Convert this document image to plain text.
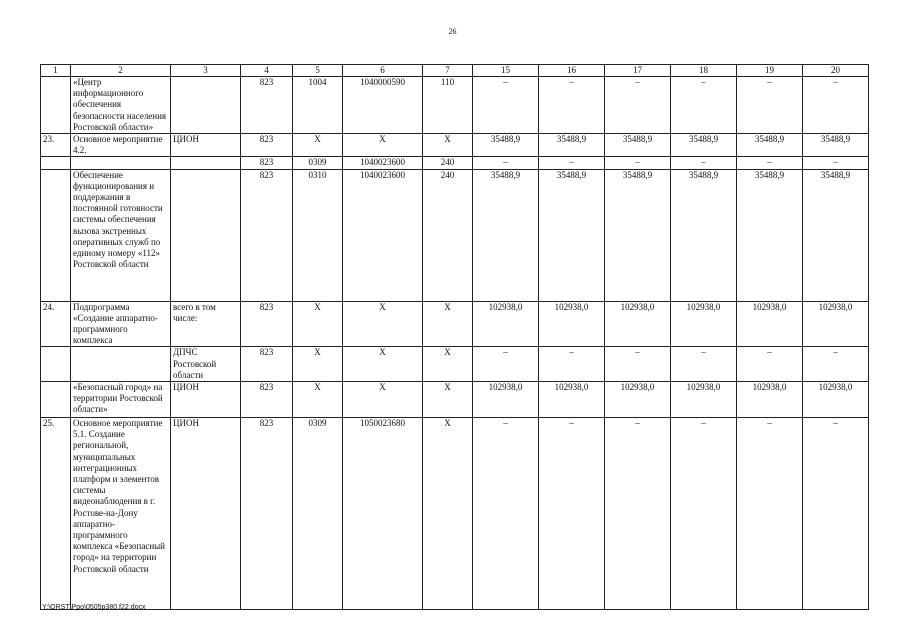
26
1	2	3	4	5	6	7	15	16	17	18	19	20
	«Центр информационного обеспечения безопасности населения Ростовской области»		823	1004	1040000590	110	–	–	–	–	–	–
23.	Основное мероприятие 4.2.	ЦИОН	823	Х	Х	Х	35488,9	35488,9	35488,9	35488,9	35488,9	35488,9
			823	0309	1040023600	240	–	–	–	–	–	–
	Обеспечение функционирования и поддержания в постоянной готовности системы обеспечения вызова экстренных оперативных служб по единому номеру «112» Ростовской области		823	0310	1040023600	240	35488,9	35488,9	35488,9	35488,9	35488,9	35488,9
24.	Подпрограмма «Создание аппаратно-программного комплекса	всего в том числе:	823	Х	Х	Х	102938,0	102938,0	102938,0	102938,0	102938,0	102938,0
		ДПЧС Ростовской области	823	Х	Х	Х	–	–	–	–	–	–
	«Безопасный город» на территории Ростовской области»	ЦИОН	823	Х	Х	Х	102938,0	102938,0	102938,0	102938,0	102938,0	102938,0
25.	Основное мероприятие 5.1. Создание региональной, муниципальных интеграционных платформ и элементов системы видеонаблюдения в г. Ростове-на-Дону аппаратно-программного комплекса «Безопасный город» на территории Ростовской области	ЦИОН	823	0309	1050023680	Х	–	–	–	–	–	–
Y:\ORST\Ppo\0505p380.f22.docx
